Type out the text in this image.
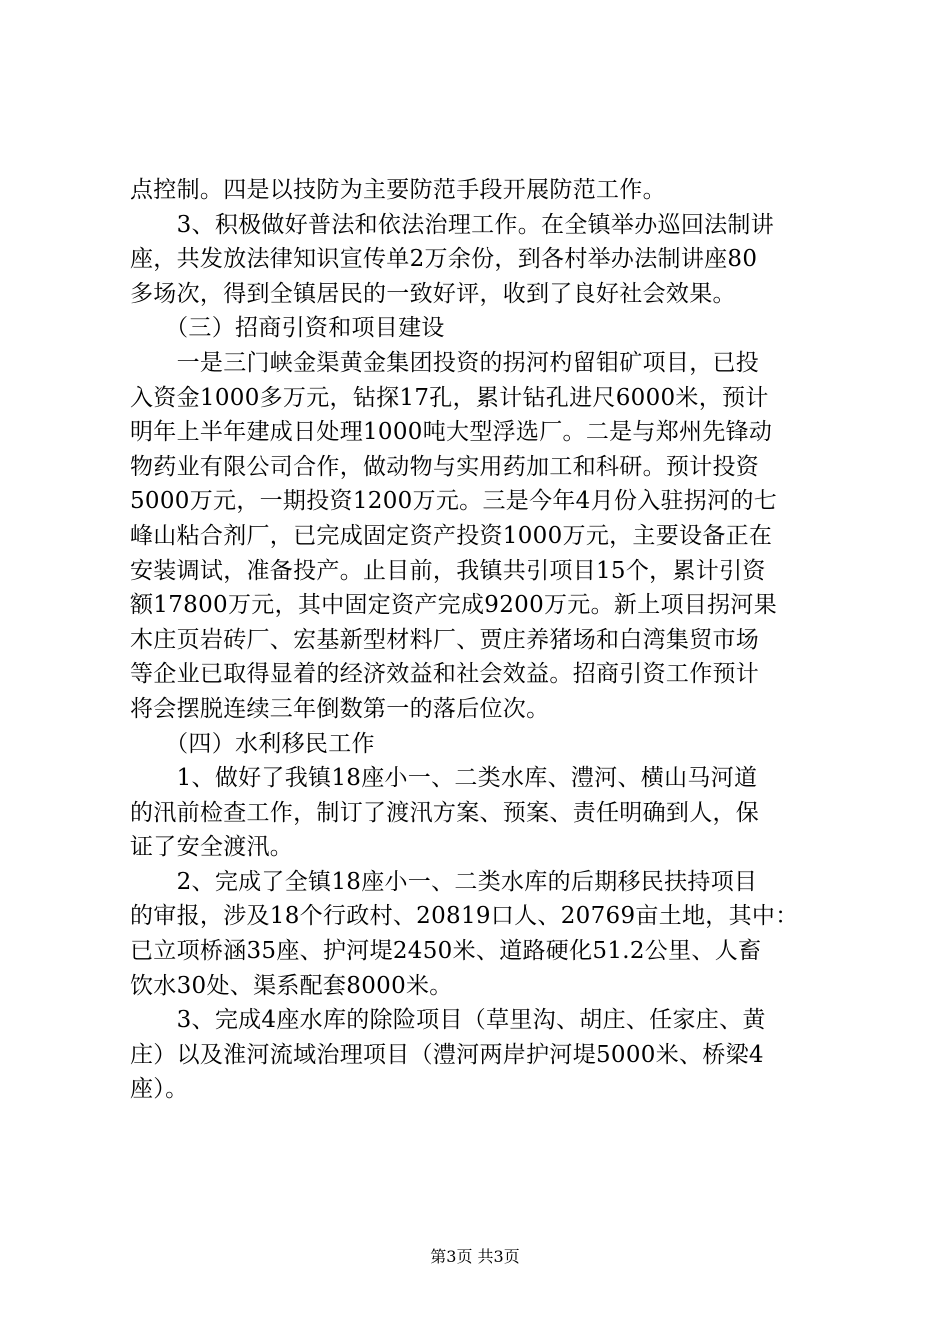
点控制。四是以技防为主要防范手段开展防范工作。
　　3、积极做好普法和依法治理工作。在全镇举办巡回法制讲
座，共发放法律知识宣传单2万余份，到各村举办法制讲座80
多场次，得到全镇居民的一致好评，收到了良好社会效果。
　　（三）招商引资和项目建设
　　一是三门峡金渠黄金集团投资的拐河杓留钼矿项目，已投
入资金1000多万元，钻探17孔，累计钻孔进尺6000米，预计
明年上半年建成日处理1000吨大型浮选厂。二是与郑州先锋动
物药业有限公司合作，做动物与实用药加工和科研。预计投资
5000万元，一期投资1200万元。三是今年4月份入驻拐河的七
峰山粘合剂厂，已完成固定资产投资1000万元，主要设备正在
安装调试，准备投产。止目前，我镇共引项目15个，累计引资
额17800万元，其中固定资产完成9200万元。新上项目拐河果
木庄页岩砖厂、宏基新型材料厂、贾庄养猪场和白湾集贸市场
等企业已取得显着的经济效益和社会效益。招商引资工作预计
将会摆脱连续三年倒数第一的落后位次。
　　（四）水利移民工作
　　1、做好了我镇18座小一、二类水库、澧河、横山马河道
的汛前检查工作，制订了渡汛方案、预案、责任明确到人，保
证了安全渡汛。
　　2、完成了全镇18座小一、二类水库的后期移民扶持项目
的审报，涉及18个行政村、20819口人、20769亩土地，其中：
已立项桥涵35座、护河堤2450米、道路硬化51.2公里、人畜
饮水30处、渠系配套8000米。
　　3、完成4座水库的除险项目（草里沟、胡庄、任家庄、黄
庄）以及淮河流域治理项目（澧河两岸护河堤5000米、桥梁4
座）。
第3页 共3页
